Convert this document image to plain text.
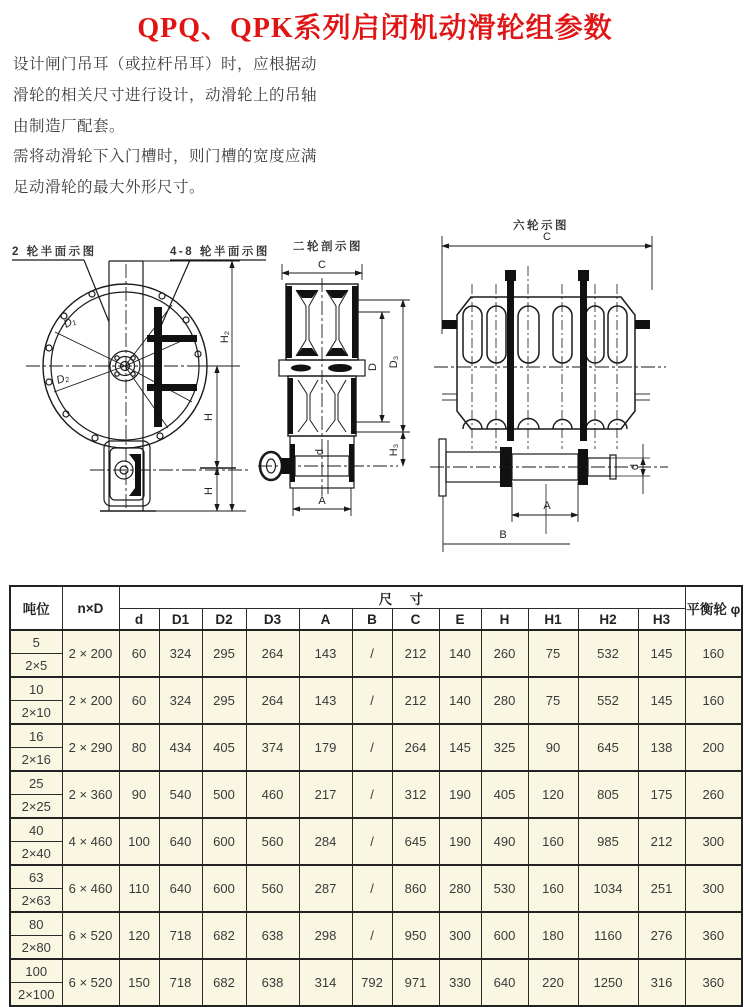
QPQ、QPK系列启闭机动滑轮组参数
设计闸门吊耳（或拉杆吊耳）时，应根据动
滑轮的相关尺寸进行设计，动滑轮上的吊轴
由制造厂配套。
需将动滑轮下入门槽时，则门槽的宽度应满
足动滑轮的最大外形尺寸。
2 轮半面示图	4-8 轮半面示图
D₁
D₂
H₂
H
H
二轮剖示图
C
d
A
D D₃
H₃
六轮示图
C
A
B
d
吨位	n×D	尺　寸												平衡轮 φ
		d	D1	D2	D3	A	B	C	E	H	H1	H2	H3	
5	2 × 200	60	324	295	264	143	/	212	140	260	75	532	145	160
2×5														
10	2 × 200	60	324	295	264	143	/	212	140	280	75	552	145	160
2×10														
16	2 × 290	80	434	405	374	179	/	264	145	325	90	645	138	200
2×16														
25	2 × 360	90	540	500	460	217	/	312	190	405	120	805	175	260
2×25														
40	4 × 460	100	640	600	560	284	/	645	190	490	160	985	212	300
2×40														
63	6 × 460	110	640	600	560	287	/	860	280	530	160	1034	251	300
2×63														
80	6 × 520	120	718	682	638	298	/	950	300	600	180	1160	276	360
2×80														
100	6 × 520	150	718	682	638	314	792	971	330	640	220	1250	316	360
2×100														
